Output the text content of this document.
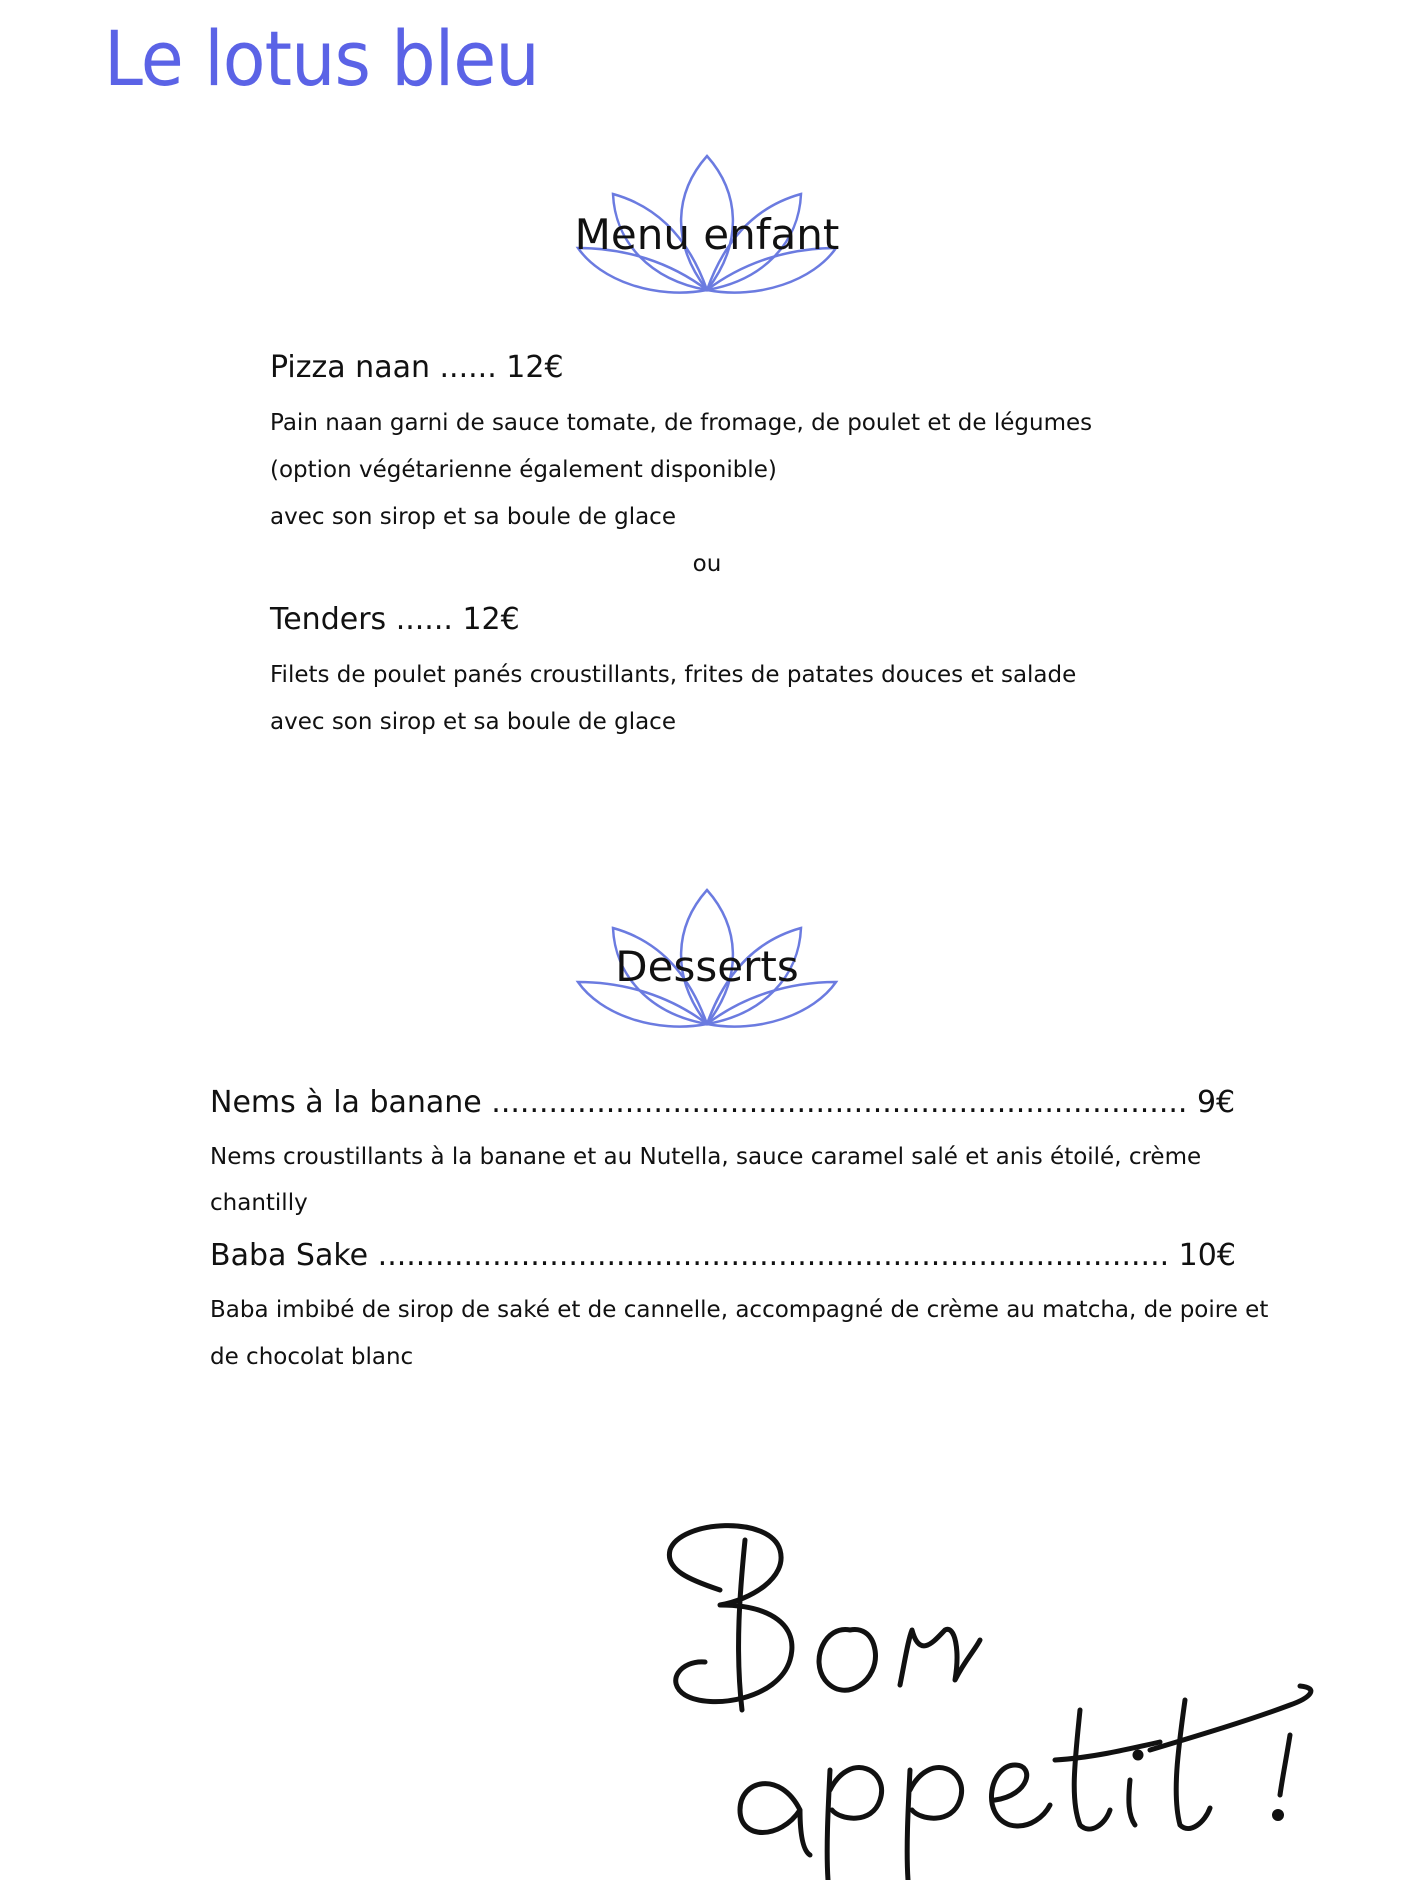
Le lotus bleu
Menu enfant
Pizza naan ...... 12€
Pain naan garni de sauce tomate, de fromage, de poulet et de légumes
(option végétarienne également disponible)
avec son sirop et sa boule de glace
ou
Tenders ...... 12€
Filets de poulet panés croustillants, frites de patates douces et salade
avec son sirop et sa boule de glace
Desserts
Nems à la banane ......................................................................... 9€
Nems croustillants à la banane et au Nutella, sauce caramel salé et anis étoilé, crème
chantilly
Baba Sake ................................................................................... 10€
Baba imbibé de sirop de saké et de cannelle, accompagné de crème au matcha, de poire et
de chocolat blanc
